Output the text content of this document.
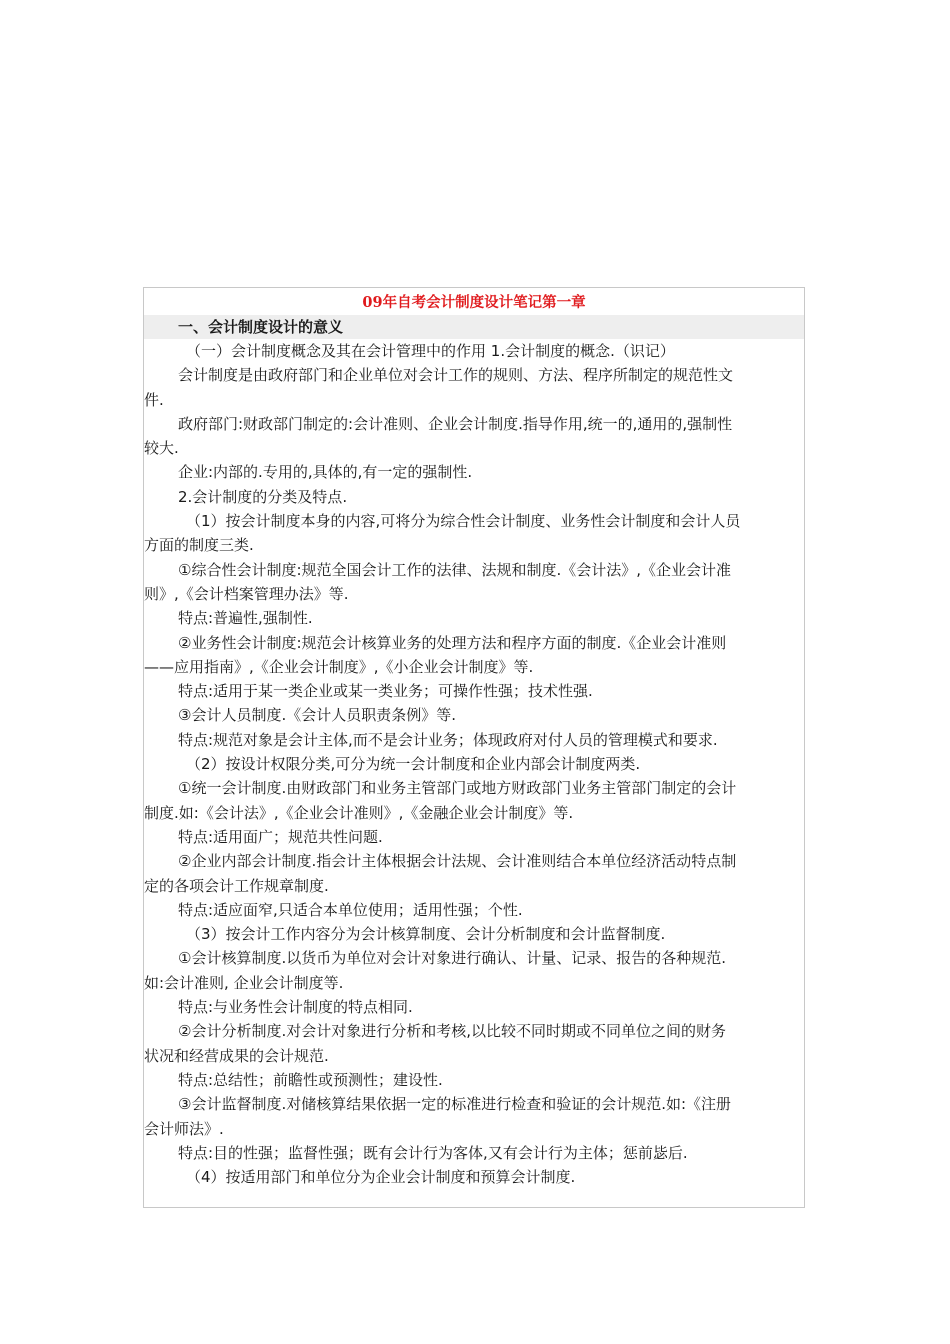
09年自考会计制度设计笔记第一章
一、会计制度设计的意义
（一）会计制度概念及其在会计管理中的作用 1.会计制度的概念.（识记）
会计制度是由政府部门和企业单位对会计工作的规则、方法、程序所制定的规范性文
件.
政府部门:财政部门制定的:会计准则、企业会计制度.指导作用,统一的,通用的,强制性
较大.
企业:内部的.专用的,具体的,有一定的强制性.
2.会计制度的分类及特点.
（1）按会计制度本身的内容,可将分为综合性会计制度、业务性会计制度和会计人员
方面的制度三类.
①综合性会计制度:规范全国会计工作的法律、法规和制度.《会计法》,《企业会计准
则》,《会计档案管理办法》等.
特点:普遍性,强制性.
②业务性会计制度:规范会计核算业务的处理方法和程序方面的制度.《企业会计准则
——应用指南》,《企业会计制度》,《小企业会计制度》等.
特点:适用于某一类企业或某一类业务；可操作性强；技术性强.
③会计人员制度.《会计人员职责条例》等.
特点:规范对象是会计主体,而不是会计业务；体现政府对付人员的管理模式和要求.
（2）按设计权限分类,可分为统一会计制度和企业内部会计制度两类.
①统一会计制度.由财政部门和业务主管部门或地方财政部门业务主管部门制定的会计
制度.如:《会计法》,《企业会计准则》,《金融企业会计制度》等.
特点:适用面广；规范共性问题.
②企业内部会计制度.指会计主体根据会计法规、会计准则结合本单位经济活动特点制
定的各项会计工作规章制度.
特点:适应面窄,只适合本单位使用；适用性强；个性.
（3）按会计工作内容分为会计核算制度、会计分析制度和会计监督制度.
①会计核算制度.以货币为单位对会计对象进行确认、计量、记录、报告的各种规范.
如:会计准则, 企业会计制度等.
特点:与业务性会计制度的特点相同.
②会计分析制度.对会计对象进行分析和考核,以比较不同时期或不同单位之间的财务
状况和经营成果的会计规范.
特点:总结性；前瞻性或预测性；建设性.
③会计监督制度.对储核算结果依据一定的标准进行检查和验证的会计规范.如:《注册
会计师法》.
特点:目的性强；监督性强；既有会计行为客体,又有会计行为主体；惩前毖后.
（4）按适用部门和单位分为企业会计制度和预算会计制度.
